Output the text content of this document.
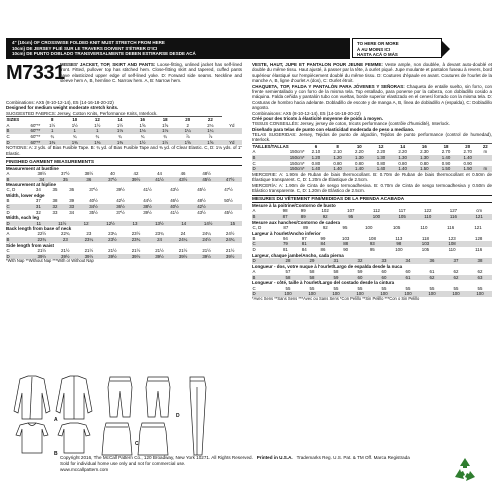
4" (10cm) OF CROSSWISE FOLDED KNIT MUST STRETCH FROM HERE
10cm) DE JERSEY PLIÉ SUR LE TRAVERS DOIVENT S'ÉTIRER D'ICI
10cm) DE PUNTO DOBLADO TRANSVERSALMENTE DEBEN ESTIRARSE DESDE ACÁ
TO HERE OR MORE
À AU MOINS ICI
HASTA ACÁ O MÁS
M7331

MISSES' JACKET, TOP, SKIRT AND PANTS: Loose-fitting, unlined jacket has self-lined front. Fitted, pullover top has stitched hem. Close-fitting skirt and tapered, cuffed pants have elasticized upper edge of self-lined yoke. D: Forward side seams. Neckline and sleeve hem A, B, hemline C. Narrow hem. A, B: Narrow hem.

Combinations: AX5 (8-10-12-14), E5 (14-16-18-20-22)

Designed for medium weight moderate stretch knits.

SUGGESTED FABRICS: Jersey, Cotton Knits, Performance Knits, Interlock.

SIZES		8	10	12	14	16	18	20	22	
A	60"**	1½	1½	1½	1½	1⅝	1⅝	2	2⅛	Yd
B	60"**	1	1	1	1⅛	1⅛	1⅛	1¼	1¼	
C	60"**	¾	¾	¾	¾	¾	¾	⅞	⅞	
D	60"**	1⅜	1⅜	1⅜	1⅜	1½	1½	1⅝	1⅝	Yd

NOTIONS: A: 2 yds. of Bias Fusible Tape. B: ¾ yd. of Bias Fusible Tape and ⅜ yd. of Clear Elastic. C, D: 1⅛ yds. of 1" Elastic.

FINISHED GARMENT MEASUREMENTS
Measurement at bustline
A	38½	37½	38½	40	42	44	46	48½	
B	34	35	36	37½	39½	41½	43½	45½	47½
Measurement at hipline
C, D	34	35	36	37½	39½	41½	43½	45½	47½
Width, lower edge
B	37	38	39	40½	42½	44½	46½	48½	50½
C	31	32	33	34½	36½	38½	40½	42½	
D	32	33	34	35½	37½	39½	41½	43½	45½
Width, each leg
D	11	11½	12	12½	13	13½	14	14½	15
Back length from base of neck
A	22½	22¾	23	23¼	23½	23¾	24	24¼	24½
B	22¾	23	23¼	23½	23¾	24	24¼	24½	24¾
Side length from waist
C	21½	21½	21½	21½	21½	21½	21½	21½	21½
D	39½	39½	39½	39½	39½	39½	39½	39½	39½
*With Nap **Without Nap ***With or Without Nap
A
B
C
D

VESTE, HAUT, JUPE ET PANTALON POUR JEUNE FEMME: Veste ample, non doublée, à devant auto-doublé et double du même tissu. Haut ajusté, à passer par la tête, à ourlet piqué. Jupe moulante et pantalon fuseau à revers, bord supérieur élastiqué sur l'empiècement doublé du même tissu. D: Coutures d'épaule en avant. Coutures de l'ourlet de la manche A, B, ligne d'ourlet A (dos), C: Ourlet étroit.

CHAQUETA, TOP, FALDA Y PANTALÓN PARA JÓVENES Y SEÑORAS: Chaqueta de entalle suelto, sin forro, con frente semientallado y con forro de la misma tela. Top entallado, para ponerse por la cabeza, con dobladillo cosido a máquina. Falda ceñida y pantalón tubo con vueltas, borde superior elastizado en el cenesí forrado con la misma tela. D: Costuras de hombro hacia adelante. Dobladillo de escote y de manga A, B, línea de dobladillo A (espalda), C: Dobladillo angosto.

Combinaisons: AX5 (8-10-12-14), E5 (14-16-18-20-22)

Créé pour des tricots à élasticité moyenne de poids à moyen.

TISSUS CONSEILLÉS: Jersey, jersey de coton, tricots performance (contrôle d'humidité), Interlock.

Diseñado para telas de punto con elasticidad moderada de peso a mediano.

TELAS SUGERIDAS: Jersey, Tejidos de punto de algodón, Tejidos de punto performance (control de humedad), Interlock.

TAILLES/TALLAS		6	8	10	12	14	16	18	20	22
A	150cm*	2.10	2.10	2.20	2.20	2.20	2.30	2.70	2.70	m
B	150cm*	1.20	1.20	1.30	1.30	1.30	1.30	1.40	1.40	
C	150cm*	0.80	0.80	0.80	0.80	0.80	0.80	0.90	0.90	
D	150cm*	1.40	1.40	1.40	1.40	1.40	1.50	1.50	1.50	m

MERCERIE: A: 1.90m de Ruban de biais thermocollant. B: 0.70m de Ruban de biais thermocollant et 0.50m de Élastique transparent. C, D: 1.20m de Élastique de 2.5cm.

MERCERÍA: A: 1.90m de Cinta de sesgo termoadhesiva. B: 0.70m de Cinta de sesgo termoadhesiva y 0.50m de Elástico transparente. C, D: 1.20m de Elástico de 2.5cm.

MESURES DU VÊTEMENT FINI/MEDIDAS DE LA PRENDA ACABADA
Mesure à la poitrine/Contorno de busto
A	98	99	102	107	112	117	122	127	cm
B	87	89	92	95	100	105	110	116	121
Mesure aux hanches/Contorno de cadera
C, D	87	89	92	95	100	105	110	116	121
Largeur à l'ourlet/Ancho inferior
B	94	97	99	103	108	113	118	123	128
C	79	81	84	88	93	98	103	108	
D	81	84	86	90	95	100	105	110	116
Largeur, chaque jambe/Ancho, cada pierna
D	28	29	31	32	33	34	36	37	38
Longueur - dos, votre nuque à l'ourlet/Largo de espalda desde la nuca
A	57	58	58	59	60	60	61	62	62
B	58	58	59	60	60	61	62	62	63
Longueur - côté, taille à l'ourlet/Largo del costado desde la cintura
C	55	55	55	55	55	55	55	55	55
D	100	100	100	100	100	100	100	100	100
*Avec Sens **Sans Sens ***Avec ou Sans Sens *Con Pelillo **Sin Pelillo ***Con o Sin Pelillo
Copyright 2016, The McCall Pattern Co., 120 Broadway, New York 10271. All Rights Reserved. Printed in U.S.A. Trademarks Reg. U.S. Pat. & TM Off. Marca Registrada
Sold for individual home use only and not for commercial use.
www.mccallpattern.com
